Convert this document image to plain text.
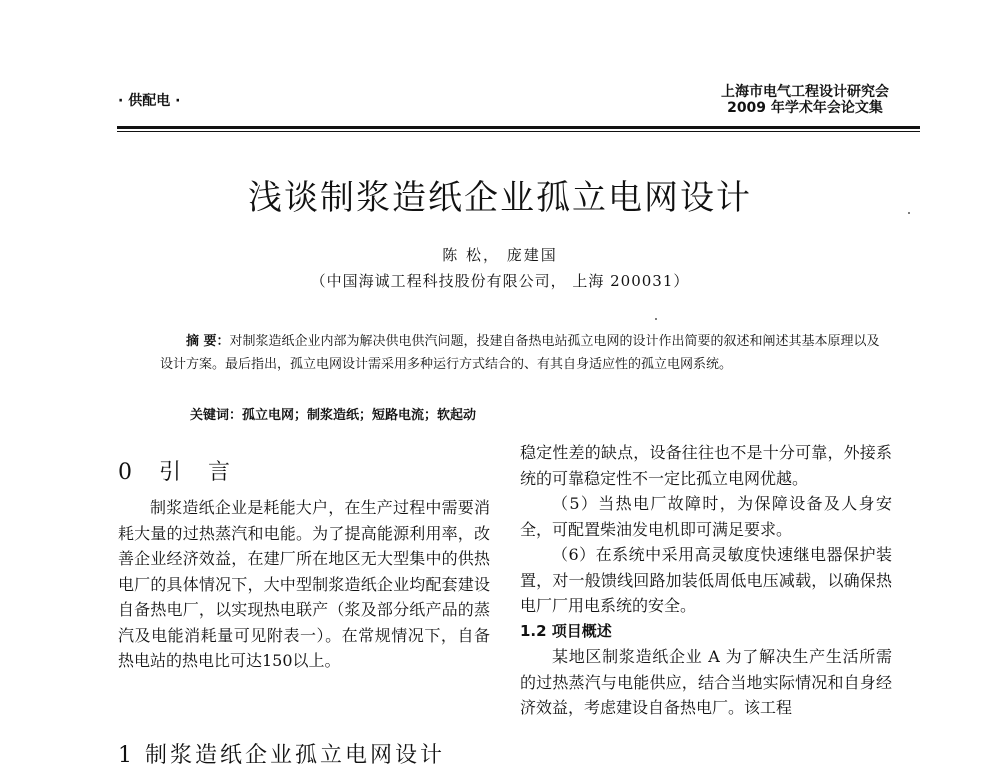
· 供配电 ·
上海市电气工程设计研究会
2009 年学术年会论文集
浅谈制浆造纸企业孤立电网设计
陈 松， 庞建国
（中国海诚工程科技股份有限公司， 上海 200031）
摘 要：对制浆造纸企业内部为解决供电供汽问题，投建自备热电站孤立电网的设计作出简要的叙述和阐述其基本原理以及设计方案。最后指出，孤立电网设计需采用多种运行方式结合的、有其自身适应性的孤立电网系统。
关键词：孤立电网；制浆造纸；短路电流；软起动
0 引 言

制浆造纸企业是耗能大户，在生产过程中需要消耗大量的过热蒸汽和电能。为了提高能源利用率，改善企业经济效益，在建厂所在地区无大型集中的供热电厂的具体情况下，大中型制浆造纸企业均配套建设自备热电厂，以实现热电联产（浆及部分纸产品的蒸汽及电能消耗量可见附表一）。在常规情况下，自备热电站的热电比可达150以上。

1 制浆造纸企业孤立电网设计

稳定性差的缺点，设备往往也不是十分可靠，外接系统的可靠稳定性不一定比孤立电网优越。

（5）当热电厂故障时，为保障设备及人身安全，可配置柴油发电机即可满足要求。

（6）在系统中采用高灵敏度快速继电器保护装置，对一般馈线回路加装低周低电压减载，以确保热电厂厂用电系统的安全。

1.2 项目概述

某地区制浆造纸企业 A 为了解决生产生活所需的过热蒸汽与电能供应，结合当地实际情况和自身经济效益，考虑建设自备热电厂。该工程
